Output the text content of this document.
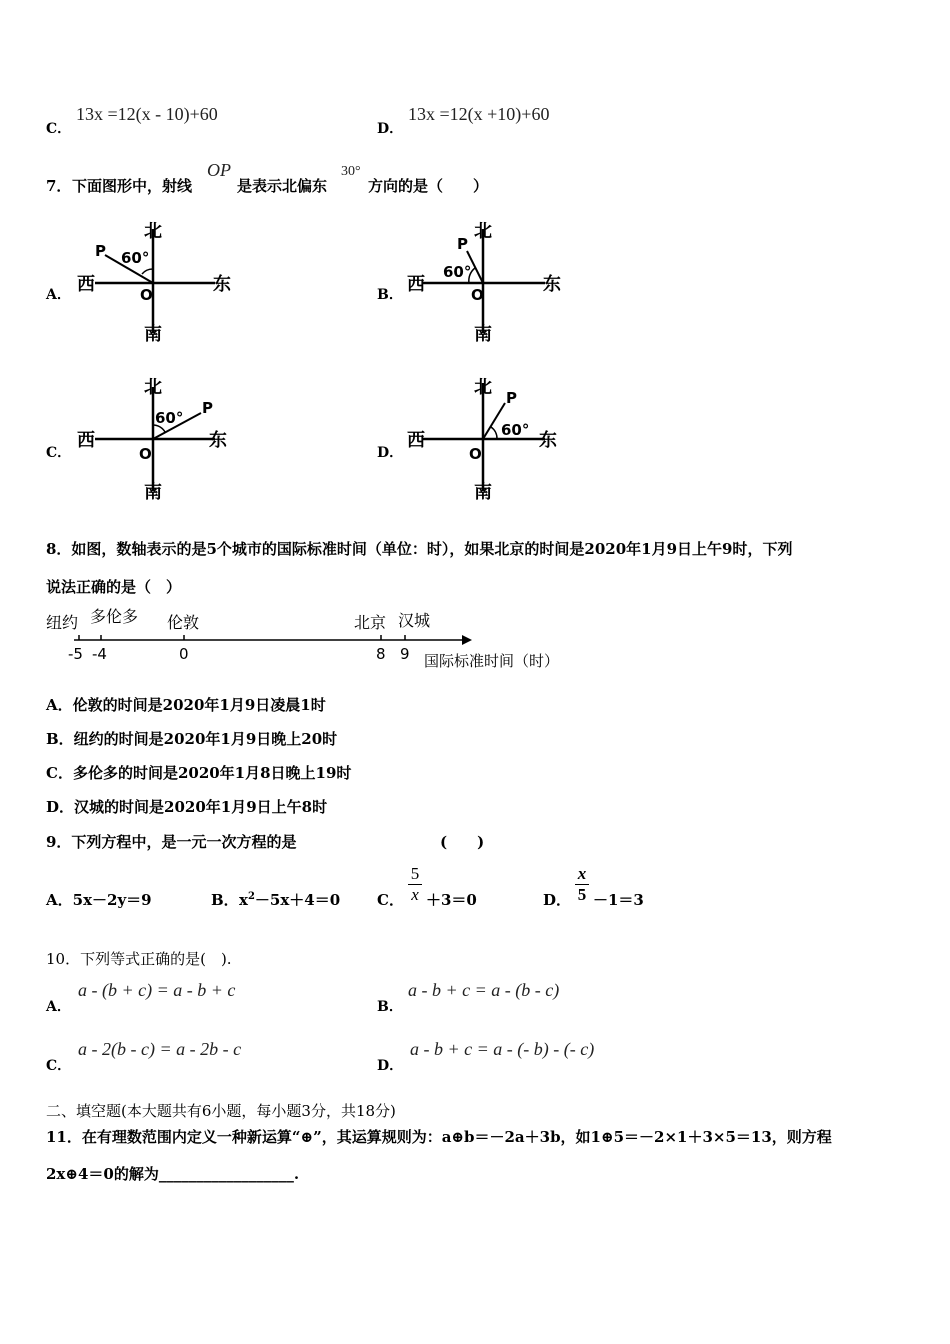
C．
13x =12(x - 10)+60
D．
13x =12(x +10)+60
7． 下面图形中，射线
OP
是表示北偏东
30°
方向的是（　　）
A．	B．
C．	D．
北
南
西	东
O
P 60°
北
南
西	东
O
P
60°
北
南
西	东
O
P
60°
北
南
西	东
O
P
60°
8．如图，数轴表示的是5个城市的国际标准时间（单位：时），如果北京的时间是2020年1月9日上午9时，下列
说法正确的是（　）
纽约 多伦多 伦敦	北京 汉城
-5 -4	0	8 9 国际标准时间（时）
A．伦敦的时间是2020年1月9日凌晨1时
B．纽约的时间是2020年1月9日晚上20时
C．多伦多的时间是2020年1月8日晚上19时
D．汉城的时间是2020年1月9日上午8时
9．下列方程中，是一元一次方程的是	(　　)
A．5x－2y＝9	B． $x^2-5x+4=0$ C．
5
x ＋3＝0	D．
x
5 －1＝3
10．下列等式正确的是(　).
A．
a - (b + c) = a - b + c
B．
a - b + c = a - (b - c)
C．
a - 2(b - c) = a - 2b - c
D．
a - b + c = a - (- b) - (- c)
二、填空题(本大题共有6小题，每小题3分，共18分)
11．在有理数范围内定义一种新运算“⊕”，其运算规则为：a⊕b＝－2a＋3b，如1⊕5＝－2×1＋3×5＝13，则方程
2x⊕4＝0的解为__________________.
